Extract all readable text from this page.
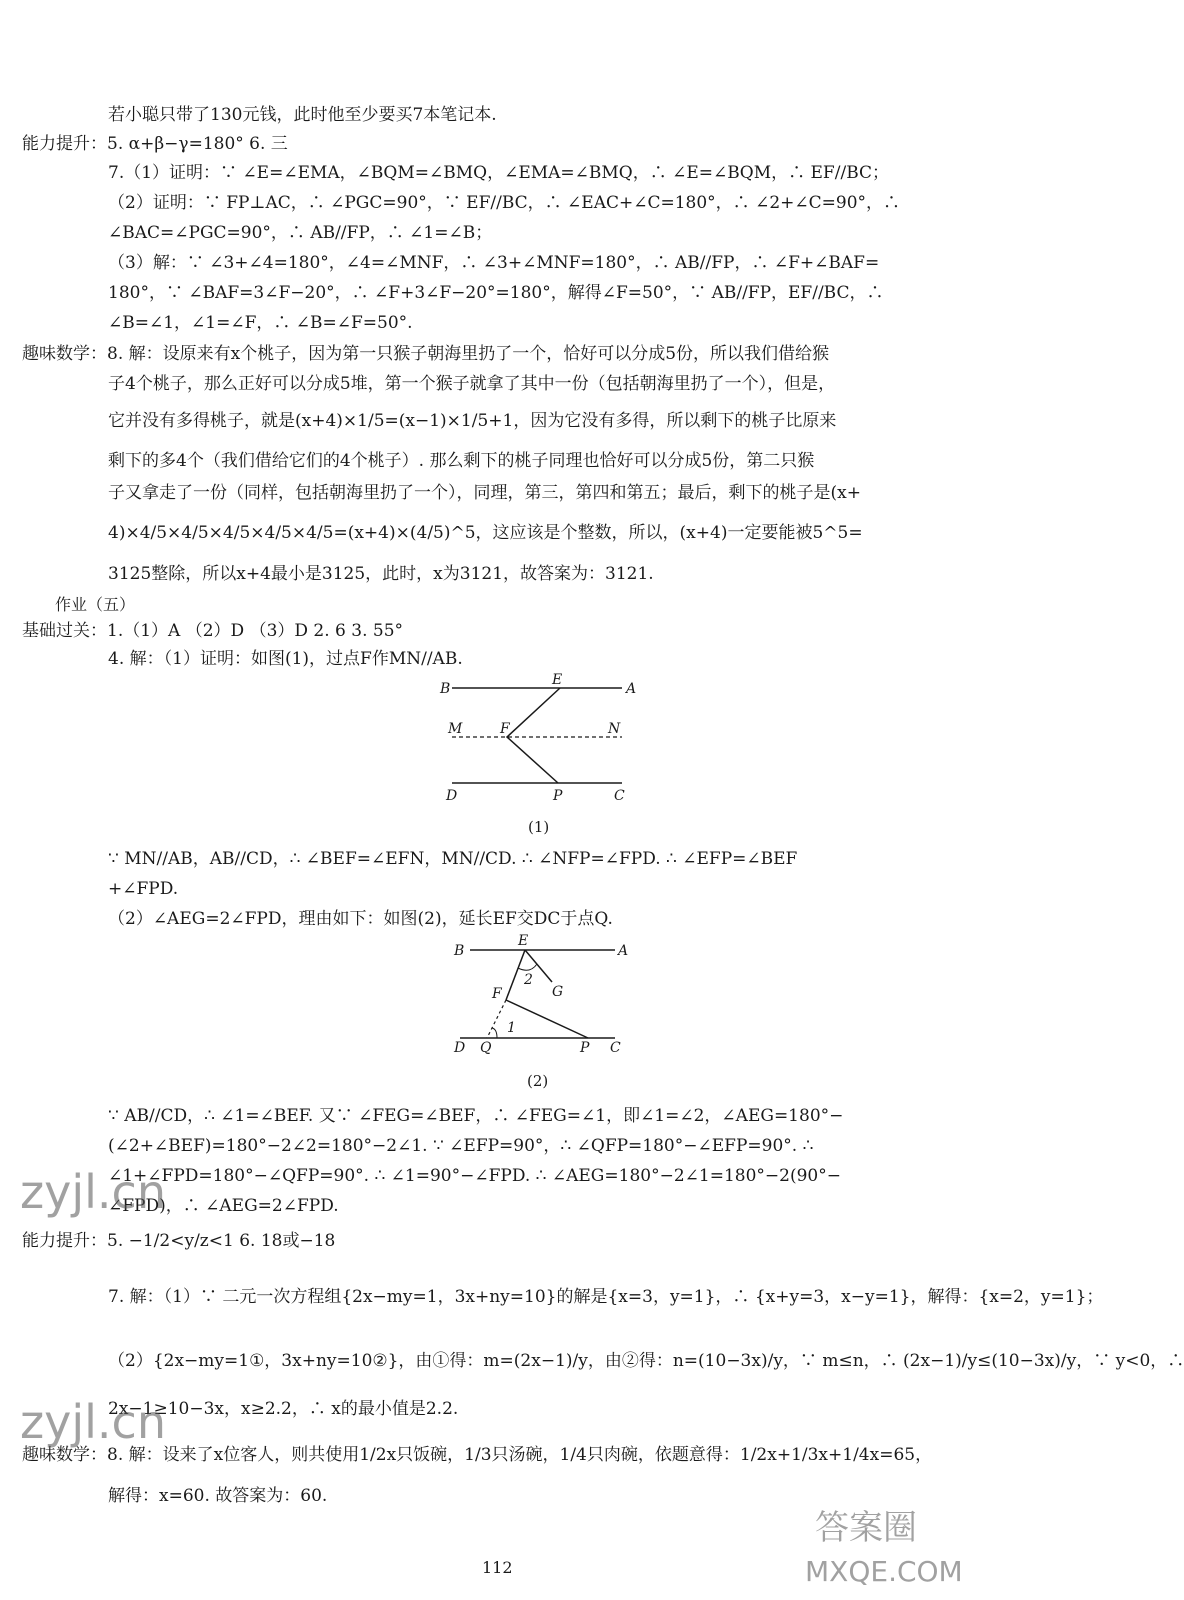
若小聪只带了130元钱，此时他至少要买7本笔记本.
能力提升：5. α+β−γ=180° 6. 三
7.（1）证明：∵ ∠E=∠EMA，∠BQM=∠BMQ，∠EMA=∠BMQ，∴ ∠E=∠BQM，∴ EF//BC；
（2）证明：∵ FP⊥AC，∴ ∠PGC=90°，∵ EF//BC，∴ ∠EAC+∠C=180°，∴ ∠2+∠C=90°，∴
∠BAC=∠PGC=90°，∴ AB//FP，∴ ∠1=∠B；
（3）解：∵ ∠3+∠4=180°，∠4=∠MNF，∴ ∠3+∠MNF=180°，∴ AB//FP，∴ ∠F+∠BAF=
180°，∵ ∠BAF=3∠F−20°，∴ ∠F+3∠F−20°=180°，解得∠F=50°，∵ AB//FP，EF//BC，∴
∠B=∠1，∠1=∠F，∴ ∠B=∠F=50°.
趣味数学：8. 解：设原来有x个桃子，因为第一只猴子朝海里扔了一个，恰好可以分成5份，所以我们借给猴
子4个桃子，那么正好可以分成5堆，第一个猴子就拿了其中一份（包括朝海里扔了一个），但是，
它并没有多得桃子，就是(x+4)×1/5=(x−1)×1/5+1，因为它没有多得，所以剩下的桃子比原来
剩下的多4个（我们借给它们的4个桃子）. 那么剩下的桃子同理也恰好可以分成5份，第二只猴
子又拿走了一份（同样，包括朝海里扔了一个），同理，第三，第四和第五；最后，剩下的桃子是(x+
4)×4/5×4/5×4/5×4/5×4/5=(x+4)×(4/5)^5，这应该是个整数，所以，(x+4)一定要能被5^5=
3125整除，所以x+4最小是3125，此时，x为3121，故答案为：3121.
作业（五）
基础过关：1.（1）A （2）D （3）D 2. 6 3. 55°
4. 解：（1）证明：如图(1)，过点F作MN//AB.
B
E
A
M	F	N
D	P	C
(1)
∵ MN//AB，AB//CD，∴ ∠BEF=∠EFN，MN//CD. ∴ ∠NFP=∠FPD. ∴ ∠EFP=∠BEF
+∠FPD.
（2）∠AEG=2∠FPD，理由如下：如图(2)，延长EF交DC于点Q.
B
E
A
2
G
F
1
D Q	P C
(2)
∵ AB//CD，∴ ∠1=∠BEF. 又∵ ∠FEG=∠BEF，∴ ∠FEG=∠1，即∠1=∠2，∠AEG=180°−
(∠2+∠BEF)=180°−2∠2=180°−2∠1. ∵ ∠EFP=90°，∴ ∠QFP=180°−∠EFP=90°. ∴
∠1+∠FPD=180°−∠QFP=90°. ∴ ∠1=90°−∠FPD. ∴ ∠AEG=180°−2∠1=180°−2(90°−
∠FPD)，∴ ∠AEG=2∠FPD.
能力提升：5. −1/2<y/z<1 6. 18或−18
7. 解：（1）∵ 二元一次方程组{2x−my=1，3x+ny=10}的解是{x=3，y=1}，∴ {x+y=3，x−y=1}，解得：{x=2，y=1}；
（2）{2x−my=1①，3x+ny=10②}，由①得：m=(2x−1)/y，由②得：n=(10−3x)/y，∵ m≤n，∴ (2x−1)/y≤(10−3x)/y，∵ y<0，∴
2x−1≥10−3x，x≥2.2，∴ x的最小值是2.2.
趣味数学：8. 解：设来了x位客人，则共使用1/2x只饭碗，1/3只汤碗，1/4只肉碗，依题意得：1/2x+1/3x+1/4x=65，
解得：x=60. 故答案为：60.
zyjl.cn
zyjl.cn
答案圈
MXQE.COM
112
